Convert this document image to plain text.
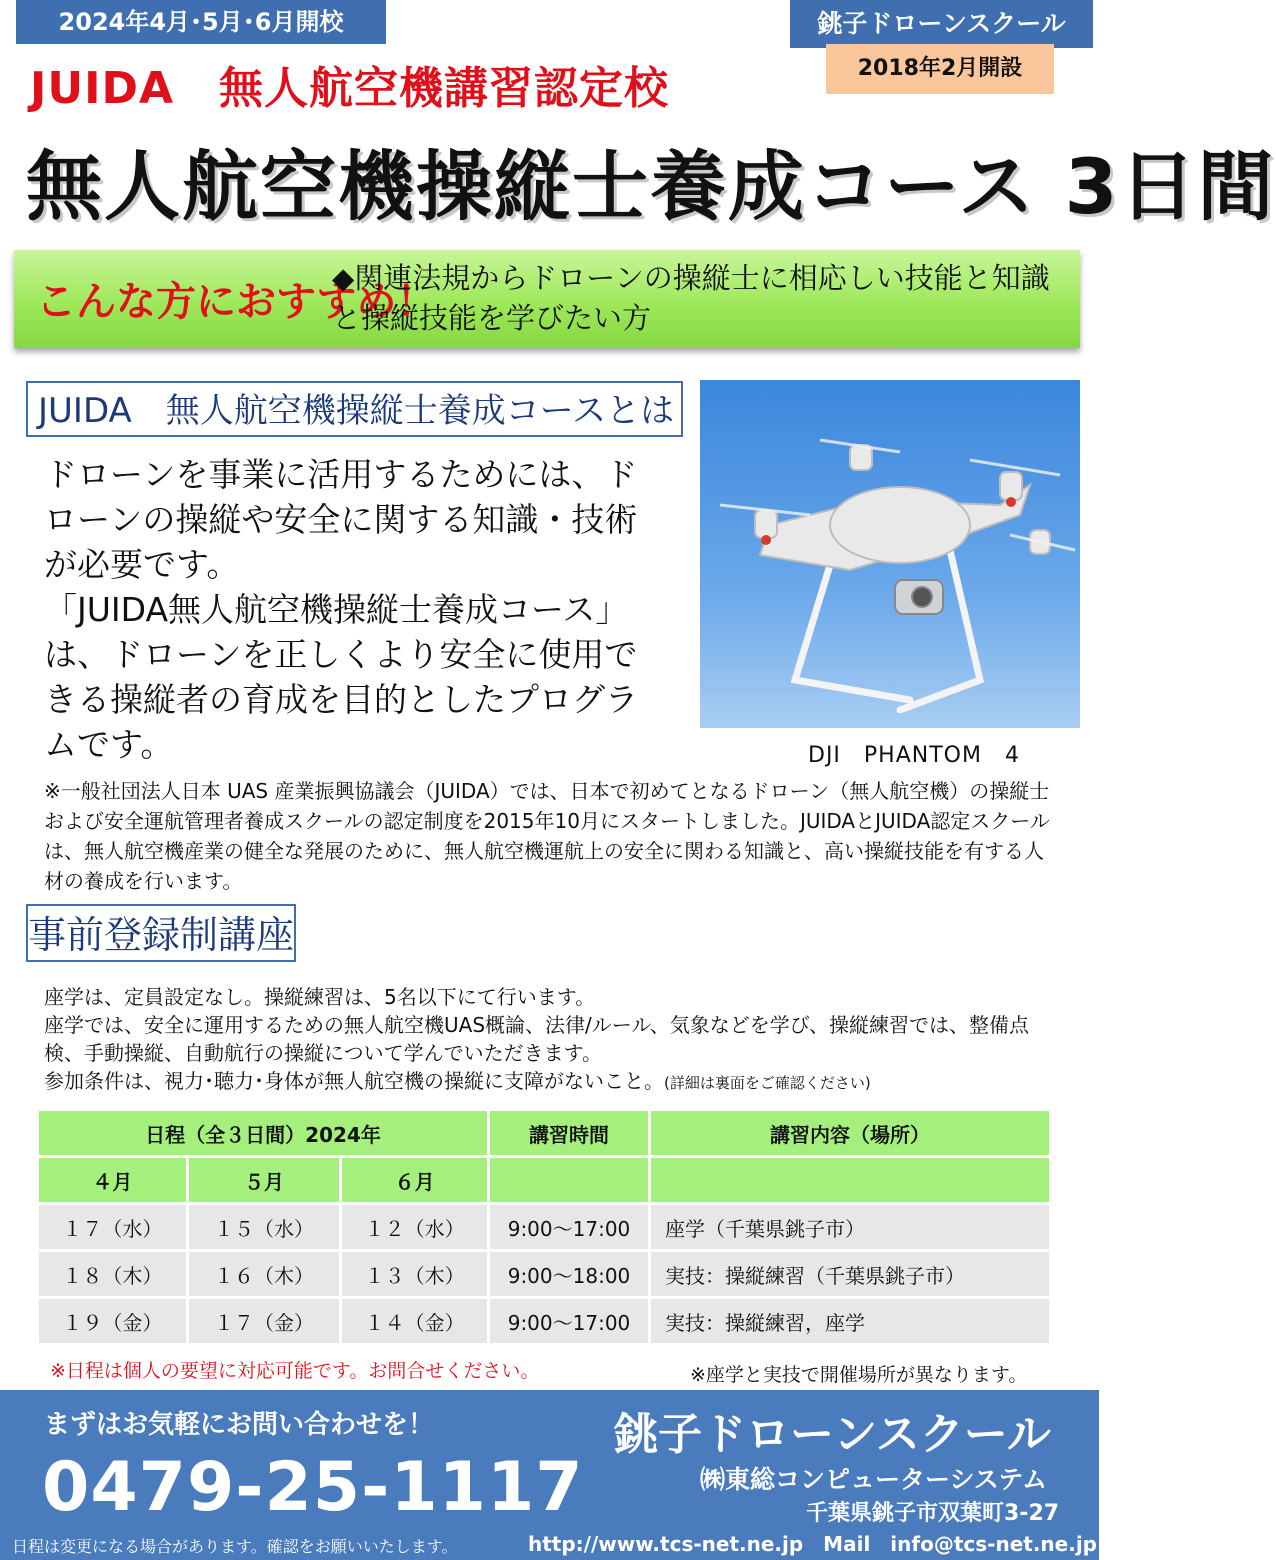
2024年4月･5月･6月開校	銚子ドローンスクール
2018年2月開設
JUIDA　無人航空機講習認定校
無人航空機操縦士養成コース 3日間
こんな方におすすめ！
◆関連法規からドローンの操縦士に相応しい技能と知識と操縦技能を学びたい方
JUIDA　無人航空機操縦士養成コースとは

ドローンを事業に活用するためには、ドローンの操縦や安全に関する知識・技術が必要です。

「JUIDA無人航空機操縦士養成コース」は、ドローンを正しくより安全に使用できる操縦者の育成を目的としたプログラムです。	DJI　PHANTOM　4
※一般社団法人日本 UAS 産業振興協議会（JUIDA）では、日本で初めてとなるドローン（無人航空機）の操縦士および安全運航管理者養成スクールの認定制度を2015年10月にスタートしました。JUIDAとJUIDA認定スクールは、無人航空機産業の健全な発展のために、無人航空機運航上の安全に関わる知識と、高い操縦技能を有する人材の養成を行います。
事前登録制講座

座学は、定員設定なし。操縦練習は、5名以下にて行います。

座学では、安全に運用するための無人航空機UAS概論、法律/ルール、気象などを学び、操縦練習では、整備点検、手動操縦、自動航行の操縦について学んでいただきます。

参加条件は、視力･聴力･身体が無人航空機の操縦に支障がないこと。(詳細は裏面をご確認ください)

日程（全３日間）2024年			講習時間	講習内容（場所）
４月	５月	６月		
１７（水）	１５（水）	１２（水）	9:00～17:00	座学（千葉県銚子市）
１８（木）	１６（木）	１３（木）	9:00～18:00	実技：操縦練習（千葉県銚子市）
１９（金）	１７（金）	１４（金）	9:00～17:00	実技：操縦練習，座学
※日程は個人の要望に対応可能です。お問合せください。	※座学と実技で開催場所が異なります。
まずはお気軽にお問い合わせを！
0479-25-1117
日程は変更になる場合があります。確認をお願いいたします。
銚子ドローンスクール
㈱東総コンピューターシステム
千葉県銚子市双葉町3-27
http://www.tcs-net.ne.jp　Mail　info@tcs-net.ne.jp
